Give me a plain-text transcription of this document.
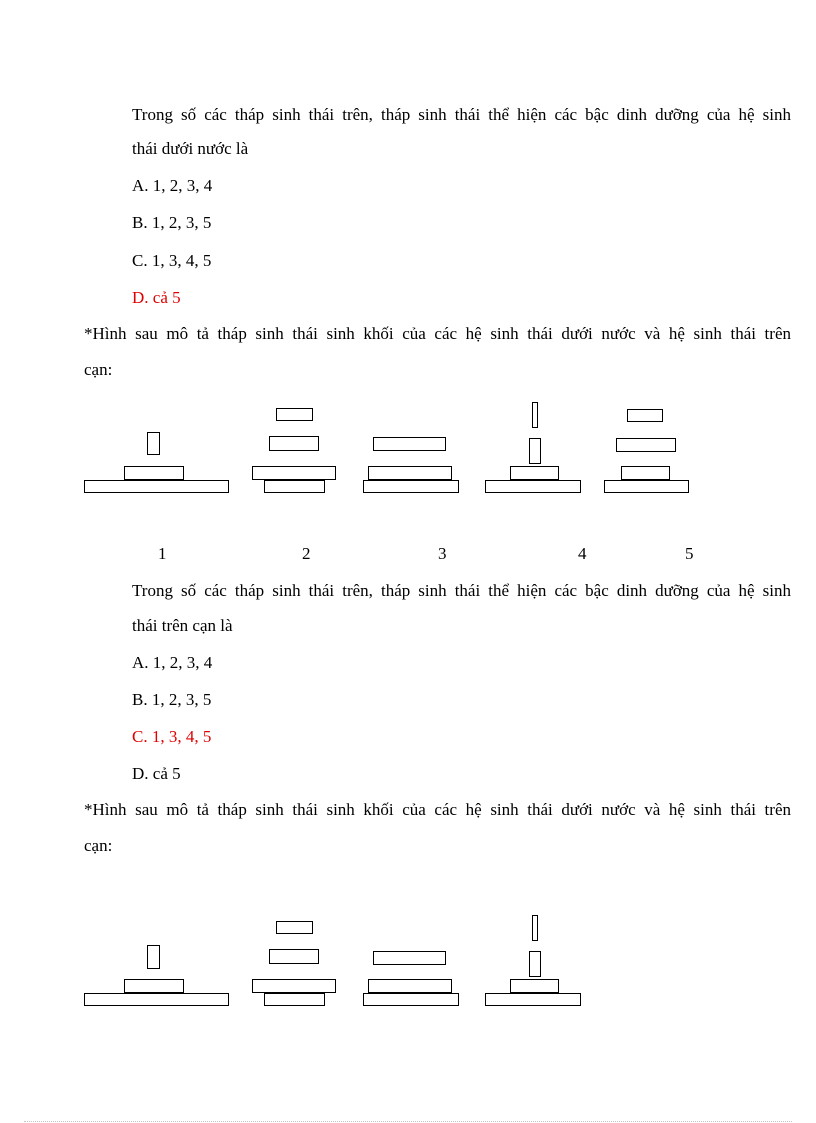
Trong số các tháp sinh thái trên, tháp sinh thái thể hiện các bậc dinh dưỡng của hệ sinh
thái dưới nước là
A. 1, 2, 3, 4
B. 1, 2, 3, 5
C. 1, 3, 4, 5
D. cả 5
*Hình sau mô tả tháp sinh thái sinh khối của các hệ sinh thái dưới nước và hệ sinh thái trên
cạn:
1	2	3	4	5
Trong số các tháp sinh thái trên, tháp sinh thái thể hiện các bậc dinh dưỡng của hệ sinh
thái trên cạn là
A. 1, 2, 3, 4
B. 1, 2, 3, 5
C. 1, 3, 4, 5
D. cả 5
*Hình sau mô tả tháp sinh thái sinh khối của các hệ sinh thái dưới nước và hệ sinh thái trên
cạn:
